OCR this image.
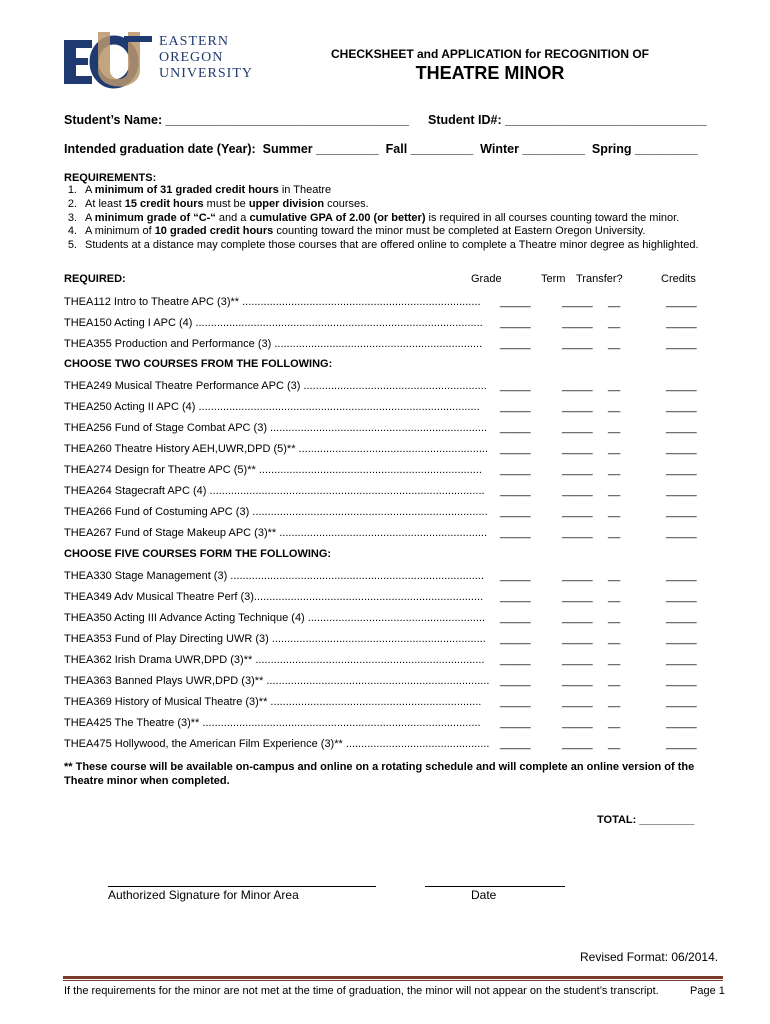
EASTERN
OREGON
UNIVERSITY
CHECKSHEET and APPLICATION for RECOGNITION OF
THEATRE MINOR
Student’s Name: ___________________________________ Student ID#: _____________________________
Intended graduation date (Year):  Summer _________  Fall _________  Winter _________  Spring _________
REQUIREMENTS:
1. A minimum of 31 graded credit hours in Theatre
2. At least 15 credit hours must be upper division courses.
3. A minimum grade of “C-“ and a cumulative GPA of 2.00 (or better) is required in all courses counting toward the minor.
4. A minimum of 10 graded credit hours counting toward the minor must be completed at Eastern Oregon University.
5. Students at a distance may complete those courses that are offered online to complete a Theatre minor degree as highlighted.
REQUIRED:	Grade	Term Transfer?	Credits
THEA112 Intro to Theatre APC (3)** ..............................................................................	_____	_____ __	_____
THEA150 Acting I APC (4) ..............................................................................................	_____	_____ __	_____
THEA355 Production and Performance (3) ....................................................................	_____	_____ __	_____
CHOOSE TWO COURSES FROM THE FOLLOWING:
THEA249 Musical Theatre Performance APC (3) ............................................................	_____	_____ __	_____
THEA250 Acting II APC (4) ............................................................................................	_____	_____ __	_____
THEA256 Fund of Stage Combat APC (3) .......................................................................	_____	_____ __	_____
THEA260 Theatre History AEH,UWR,DPD (5)** ..............................................................	_____	_____ __	_____
THEA274 Design for Theatre APC (5)** .........................................................................	_____	_____ __	_____
THEA264 Stagecraft APC (4) ..........................................................................................	_____	_____ __	_____
THEA266 Fund of Costuming APC (3) .............................................................................	_____	_____ __	_____
THEA267 Fund of Stage Makeup APC (3)** ....................................................................	_____	_____ __	_____
CHOOSE FIVE COURSES FORM THE FOLLOWING:
THEA330 Stage Management (3) ...................................................................................	_____	_____ __	_____
THEA349 Adv Musical Theatre Perf (3)...........................................................................	_____	_____ __	_____
THEA350 Acting III Advance Acting Technique (4) ..........................................................	_____	_____ __	_____
THEA353 Fund of Play Directing UWR (3) ......................................................................	_____	_____ __	_____
THEA362 Irish Drama UWR,DPD (3)** ...........................................................................	_____	_____ __	_____
THEA363 Banned Plays UWR,DPD (3)** ......................................................................... _____	_____ __	_____
THEA369 History of Musical Theatre (3)** .....................................................................	_____	_____ __	_____
THEA425 The Theatre (3)** ...........................................................................................	_____	_____ __	_____
THEA475 Hollywood, the American Film Experience (3)** ............................................... _____	_____ __	_____
** These course will be available on-campus and online on a rotating schedule and will complete an online version of the Theatre minor when completed.
TOTAL: _________
Authorized Signature for Minor Area	Date
Revised Format: 06/2014.
If the requirements for the minor are not met at the time of graduation, the minor will not appear on the student’s transcript.	Page 1
